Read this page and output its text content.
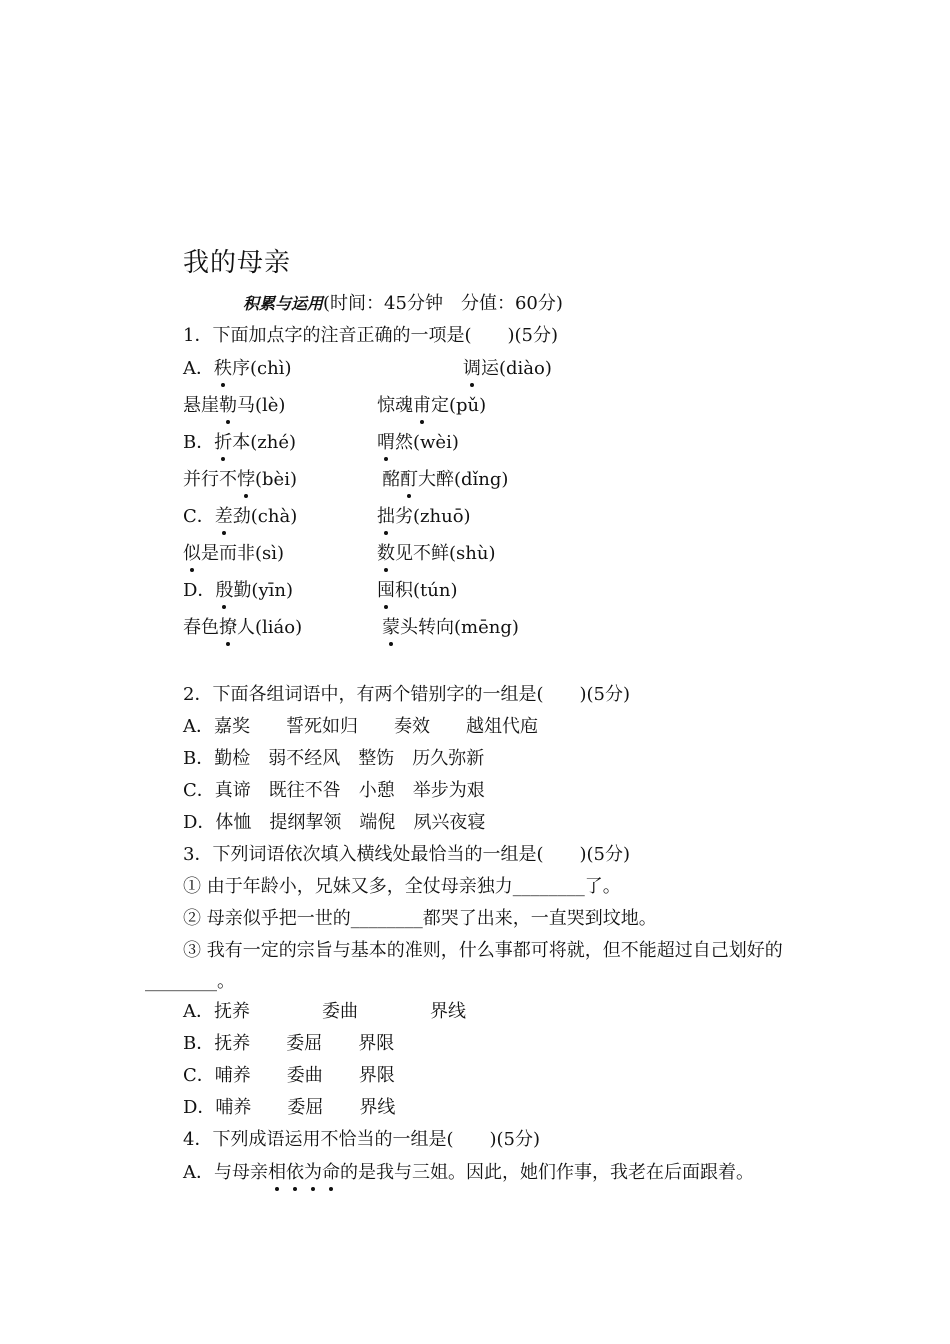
我的母亲
积累与运用(时间：45分钟　分值：60分)
1．下面加点字的注音正确的一项是(　　)(5分)
A．秩序(chì)	调运(diào)
悬崖勒马(lè)	惊魂甫定(pǔ)
B．折本(zhé)	喟然(wèi)
并行不悖(bèi)	酩酊大醉(dǐng)
C．差劲(chà)	拙劣(zhuō)
似是而非(sì)	数见不鲜(shù)
D．殷勤(yīn)	囤积(tún)
春色撩人(liáo)	蒙头转向(mēng)
2．下面各组词语中，有两个错别字的一组是(　　)(5分)
A．嘉奖　　誓死如归　　奏效　　越俎代庖
B．勤检　弱不经风　整饬　历久弥新
C．真谛　既往不咎　小憩　举步为艰
D．体恤　提纲挈领　端倪　夙兴夜寝
3．下列词语依次填入横线处最恰当的一组是(　　)(5分)
① 由于年龄小，兄妹又多，全仗母亲独力________了。
② 母亲似乎把一世的________都哭了出来，一直哭到坟地。
③ 我有一定的宗旨与基本的准则，什么事都可将就，但不能超过自己划好的
________。
A．抚养　　　　委曲　　　　界线
B．抚养　　委屈　　界限
C．哺养　　委曲　　界限
D．哺养　　委屈　　界线
4．下列成语运用不恰当的一组是(　　)(5分)
A．与母亲相依为命的是我与三姐。因此，她们作事，我老在后面跟着。
